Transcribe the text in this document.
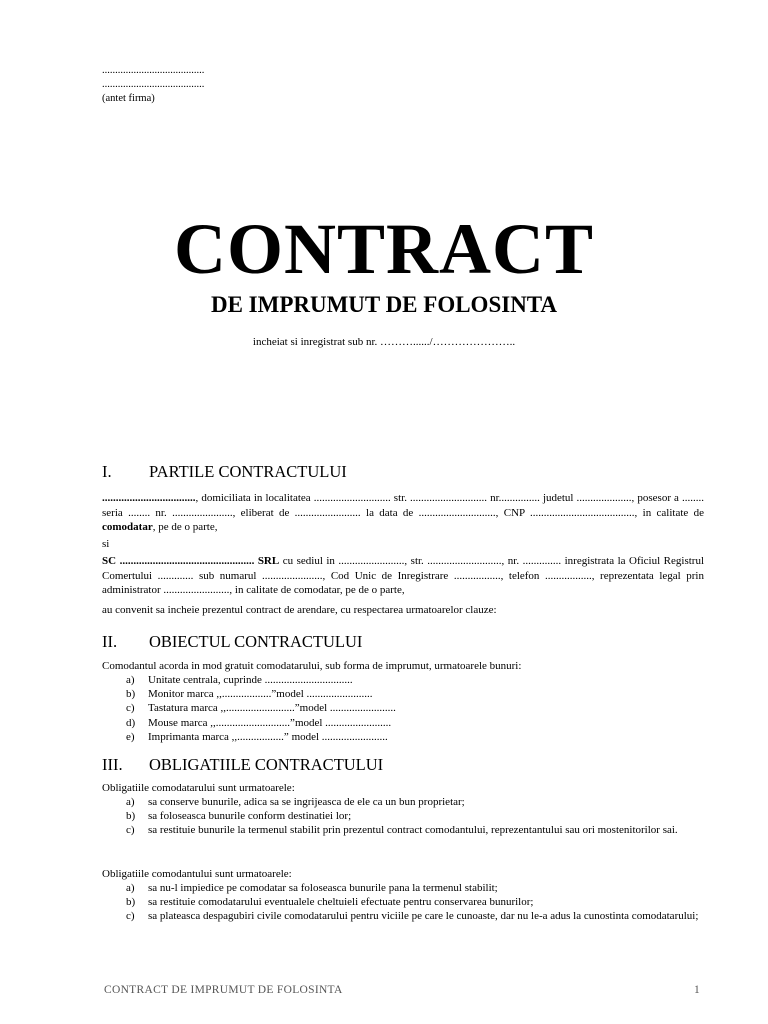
.......................................
.......................................
(antet firma)
CONTRACT
DE IMPRUMUT DE FOLOSINTA
incheiat si inregistrat sub nr. ………....../…………………..
I. PARTILE CONTRACTULUI
.................................., domiciliata in localitatea ............................ str. ............................ nr............... judetul ...................., posesor a ........ seria ........ nr. ......................, eliberat de ........................ la data de ............................, CNP ......................................, in calitate de comodatar, pe de o parte,
si
SC ................................................. SRL cu sediul in ........................, str. ..........................., nr. .............. inregistrata la Oficiul Registrul Comertului ............. sub numarul ......................, Cod Unic de Inregistrare ................., telefon ................., reprezentata legal prin administrator ........................, in calitate de comodatar, pe de o parte,
au convenit sa incheie prezentul contract de arendare, cu respectarea urmatoarelor clauze:
II. OBIECTUL CONTRACTULUI
Comodantul acorda in mod gratuit comodatarului, sub forma de imprumut, urmatoarele bunuri:
a) Unitate centrala, cuprinde ................................
b) Monitor marca ,,..................”model ........................
c) Tastatura marca ,,.........................”model ........................
d) Mouse marca ,,...........................”model ........................
e) Imprimanta marca ,,.................” model ........................
III. OBLIGATIILE CONTRACTULUI
Obligatiile comodatarului sunt urmatoarele:
a) sa conserve bunurile, adica sa se ingrijeasca de ele ca un bun proprietar;
b) sa foloseasca bunurile conform destinatiei lor;
c) sa restituie bunurile la termenul stabilit prin prezentul contract comodantului, reprezentantului sau ori mostenitorilor sai.
Obligatiile comodantului sunt urmatoarele:
a) sa nu-l impiedice pe comodatar sa foloseasca bunurile pana la termenul stabilit;
b) sa restituie comodatarului eventualele cheltuieli efectuate pentru conservarea bunurilor;
c) sa plateasca despagubiri civile comodatarului pentru viciile pe care le cunoaste, dar nu le-a adus la cunostinta comodatarului;
CONTRACT DE IMPRUMUT DE FOLOSINTA	1
